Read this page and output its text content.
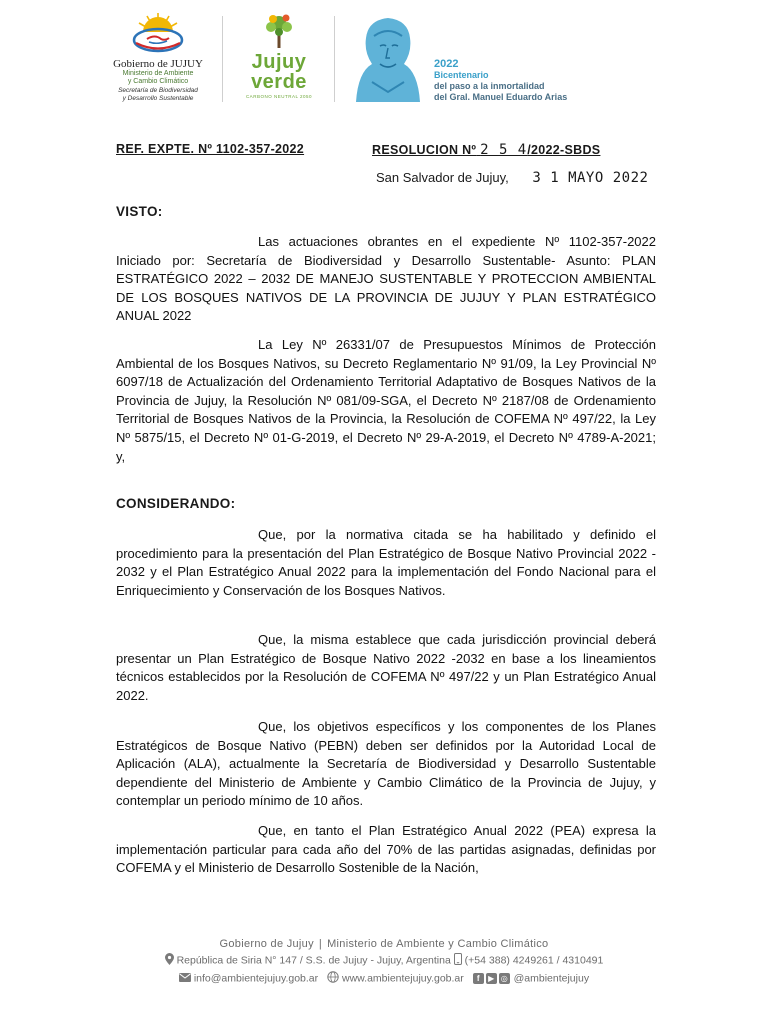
Gobierno de JUJUY
Ministerio de Ambiente
y Cambio Climático
Secretaría de Biodiversidad
y Desarrollo Sustentable
Jujuy
verde
CARBONO NEUTRAL 2050
2022
Bicentenario
del paso a la inmortalidad
del Gral. Manuel Eduardo Arias
REF. EXPTE. Nº 1102-357-2022	RESOLUCION Nº 2 5 4/2022-SBDS
San Salvador de Jujuy, 3 1 MAYO 2022
VISTO:
Las actuaciones obrantes en el expediente Nº 1102-357-2022 Iniciado por: Secretaría de Biodiversidad y Desarrollo Sustentable- Asunto: PLAN ESTRATÉGICO 2022 – 2032 DE MANEJO SUSTENTABLE Y PROTECCION AMBIENTAL DE LOS BOSQUES NATIVOS DE LA PROVINCIA DE JUJUY Y PLAN ESTRATÉGICO ANUAL 2022
La Ley Nº 26331/07 de Presupuestos Mínimos de Protección Ambiental de los Bosques Nativos, su Decreto Reglamentario Nº 91/09, la Ley Provincial Nº 6097/18 de Actualización del Ordenamiento Territorial Adaptativo de Bosques Nativos de la Provincia de Jujuy, la Resolución Nº 081/09-SGA, el Decreto Nº 2187/08 de Ordenamiento Territorial de Bosques Nativos de la Provincia, la Resolución de COFEMA Nº 497/22, la Ley Nº 5875/15, el Decreto Nº 01-G-2019, el Decreto Nº 29-A-2019, el Decreto Nº 4789-A-2021; y,
CONSIDERANDO:
Que, por la normativa citada se ha habilitado y definido el procedimiento para la presentación del Plan Estratégico de Bosque Nativo Provincial 2022 - 2032 y el Plan Estratégico Anual 2022 para la implementación del Fondo Nacional para el Enriquecimiento y Conservación de los Bosques Nativos.
Que, la misma establece que cada jurisdicción provincial deberá presentar un Plan Estratégico de Bosque Nativo 2022 -2032 en base a los lineamientos técnicos establecidos por la Resolución de COFEMA Nº 497/22 y un Plan Estratégico Anual 2022.
Que, los objetivos específicos y los componentes de los Planes Estratégicos de Bosque Nativo (PEBN) deben ser definidos por la Autoridad Local de Aplicación (ALA), actualmente la Secretaría de Biodiversidad y Desarrollo Sustentable dependiente del Ministerio de Ambiente y Cambio Climático de la Provincia de Jujuy, y contemplar un periodo mínimo de 10 años.
Que, en tanto el Plan Estratégico Anual 2022 (PEA) expresa la implementación particular para cada año del 70% de las partidas asignadas, definidas por COFEMA y el Ministerio de Desarrollo Sostenible de la Nación,
Gobierno de Jujuy | Ministerio de Ambiente y Cambio Climático
República de Siria N° 147 / S.S. de Jujuy - Jujuy, Argentina (+54 388) 4249261 / 4310491
info@ambientejujuy.gob.ar www.ambientejujuy.gob.ar f ▶ ◎ @ambientejujuy
